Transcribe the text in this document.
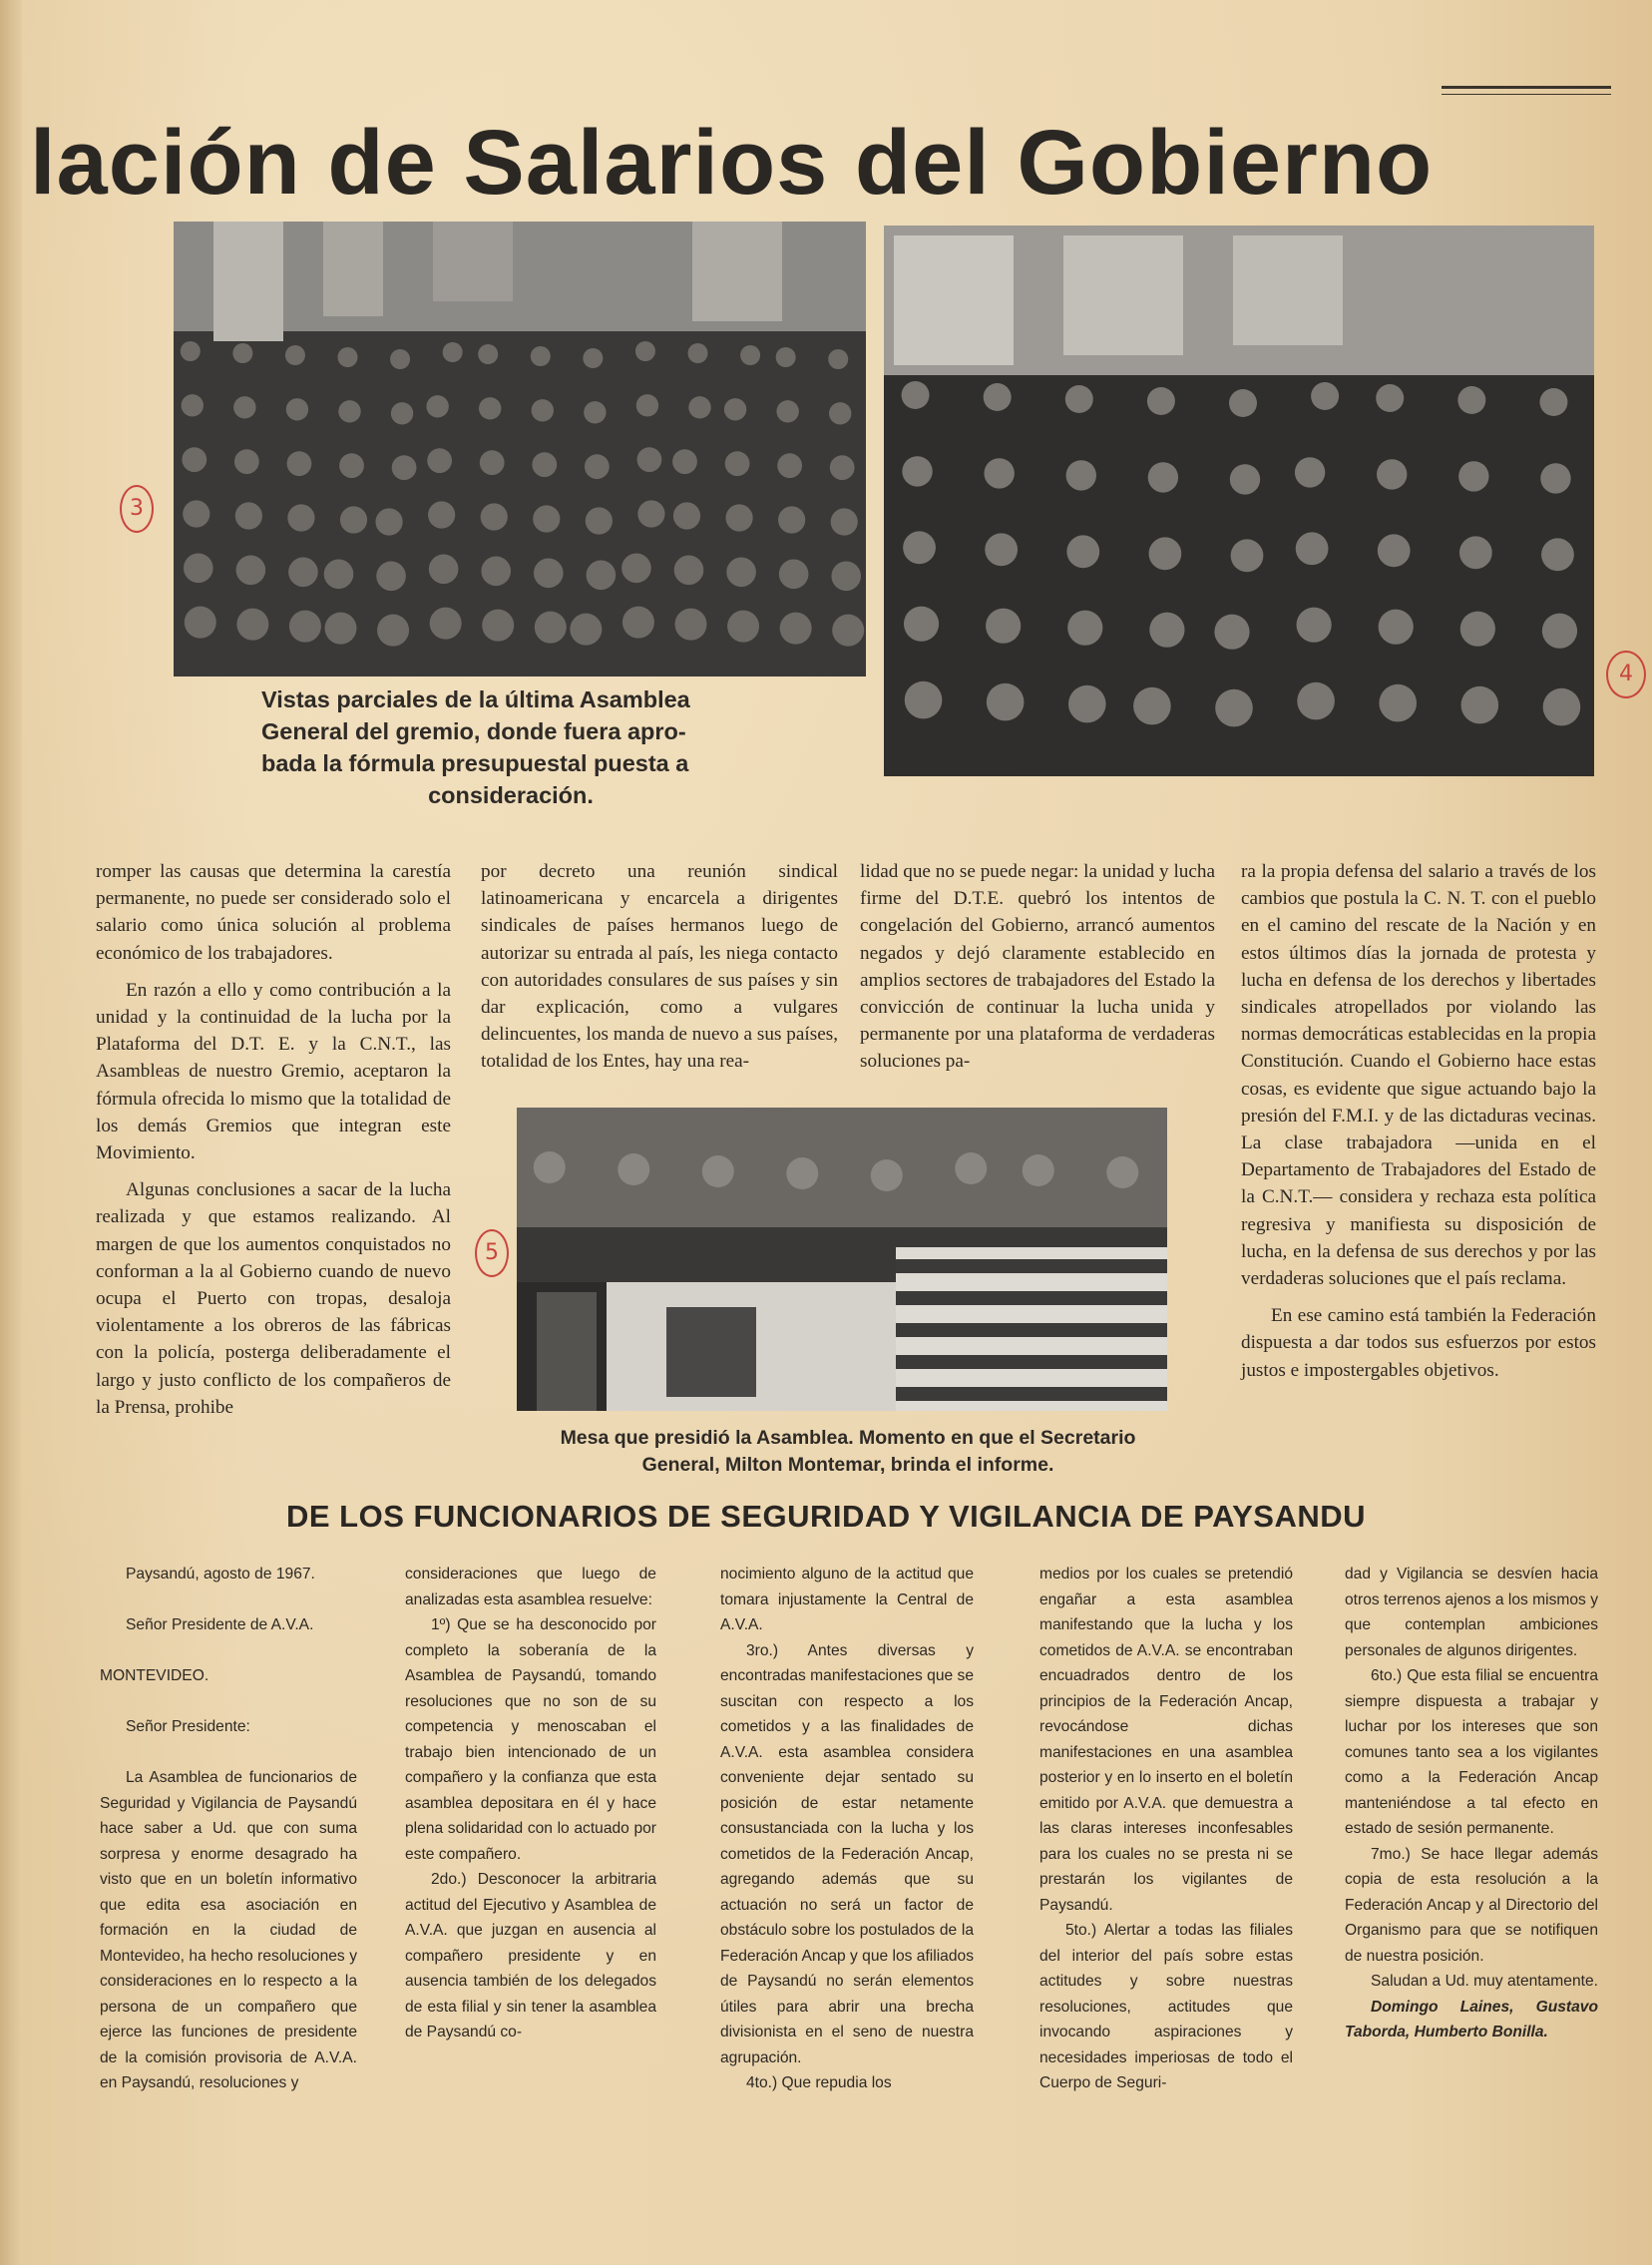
lación de Salarios del Gobierno
Vistas parciales de la última Asamblea
General del gremio, donde fuera apro-
bada la fórmula presupuestal puesta a
consideración.

romper las causas que determina la carestía permanente, no puede ser considerado solo el salario como única solución al problema económico de los trabajadores.

En razón a ello y como contribución a la unidad y la continuidad de la lucha por la Plataforma del D.T. E. y la C.N.T., las Asambleas de nuestro Gremio, aceptaron la fórmula ofrecida lo mismo que la totalidad de los demás Gremios que integran este Movimiento.

Algunas conclusiones a sacar de la lucha realizada y que estamos realizando. Al margen de que los aumentos conquistados no conforman a la al Gobierno cuando de nuevo ocupa el Puerto con tropas, desaloja violentamente a los obreros de las fábricas con la policía, posterga deliberadamente el largo y justo conflicto de los compañeros de la Prensa, prohibe

por decreto una reunión sindical latinoamericana y encarcela a dirigentes sindicales de países hermanos luego de autorizar su entrada al país, les niega contacto con autoridades consulares de sus países y sin dar explicación, como a vulgares delincuentes, los manda de nuevo a sus países, totalidad de los Entes, hay una rea-

lidad que no se puede negar: la unidad y lucha firme del D.T.E. quebró los intentos de congelación del Gobierno, arrancó aumentos negados y dejó claramente establecido en amplios sectores de trabajadores del Estado la convicción de continuar la lucha unida y permanente por una plataforma de verdaderas soluciones pa-

ra la propia defensa del salario a través de los cambios que postula la C. N. T. con el pueblo en el camino del rescate de la Nación y en estos últimos días la jornada de protesta y lucha en defensa de los derechos y libertades sindicales atropellados por violando las normas democráticas establecidas en la propia Constitución. Cuando el Gobierno hace estas cosas, es evidente que sigue actuando bajo la presión del F.M.I. y de las dictaduras vecinas. La clase trabajadora —unida en el Departamento de Trabajadores del Estado de la C.N.T.— considera y rechaza esta política regresiva y manifiesta su disposición de lucha, en la defensa de sus derechos y por las verdaderas soluciones que el país reclama.

En ese camino está también la Federación dispuesta a dar todos sus esfuerzos por estos justos e impostergables objetivos.

Mesa que presidió la Asamblea. Momento en que el Secretario
General, Milton Montemar, brinda el informe.
DE LOS FUNCIONARIOS DE SEGURIDAD Y VIGILANCIA DE PAYSANDU

Paysandú, agosto de 1967.

Señor Presidente de A.V.A.

MONTEVIDEO.

Señor Presidente:

La Asamblea de funcionarios de Seguridad y Vigilancia de Paysandú hace saber a Ud. que con suma sorpresa y enorme desagrado ha visto que en un boletín informativo que edita esa asociación en formación en la ciudad de Montevideo, ha hecho resoluciones y consideraciones en lo respecto a la persona de un compañero que ejerce las funciones de presidente de la comisión provisoria de A.V.A. en Paysandú, resoluciones y

consideraciones que luego de analizadas esta asamblea resuelve:

1º) Que se ha desconocido por completo la soberanía de la Asamblea de Paysandú, tomando resoluciones que no son de su competencia y menoscaban el trabajo bien intencionado de un compañero y la confianza que esta asamblea depositara en él y hace plena solidaridad con lo actuado por este compañero.

2do.) Desconocer la arbitraria actitud del Ejecutivo y Asamblea de A.V.A. que juzgan en ausencia al compañero presidente y en ausencia también de los delegados de esta filial y sin tener la asamblea de Paysandú co-

nocimiento alguno de la actitud que tomara injustamente la Central de A.V.A.

3ro.) Antes diversas y encontradas manifestaciones que se suscitan con respecto a los cometidos y a las finalidades de A.V.A. esta asamblea considera conveniente dejar sentado su posición de estar netamente consustanciada con la lucha y los cometidos de la Federación Ancap, agregando además que su actuación no será un factor de obstáculo sobre los postulados de la Federación Ancap y que los afiliados de Paysandú no serán elementos útiles para abrir una brecha divisionista en el seno de nuestra agrupación.

4to.) Que repudia los

medios por los cuales se pretendió engañar a esta asamblea manifestando que la lucha y los cometidos de A.V.A. se encontraban encuadrados dentro de los principios de la Federación Ancap, revocándose dichas manifestaciones en una asamblea posterior y en lo inserto en el boletín emitido por A.V.A. que demuestra a las claras intereses inconfesables para los cuales no se presta ni se prestarán los vigilantes de Paysandú.

5to.) Alertar a todas las filiales del interior del país sobre estas actitudes y sobre nuestras resoluciones, actitudes que invocando aspiraciones y necesidades imperiosas de todo el Cuerpo de Seguri-

dad y Vigilancia se desvíen hacia otros terrenos ajenos a los mismos y que contemplan ambiciones personales de algunos dirigentes.

6to.) Que esta filial se encuentra siempre dispuesta a trabajar y luchar por los intereses que son comunes tanto sea a los vigilantes como a la Federación Ancap manteniéndose a tal efecto en estado de sesión permanente.

7mo.) Se hace llegar además copia de esta resolución a la Federación Ancap y al Directorio del Organismo para que se notifiquen de nuestra posición.

Saludan a Ud. muy atentamente.

Domingo Laines, Gustavo Taborda, Humberto Bonilla.

3
4
5
